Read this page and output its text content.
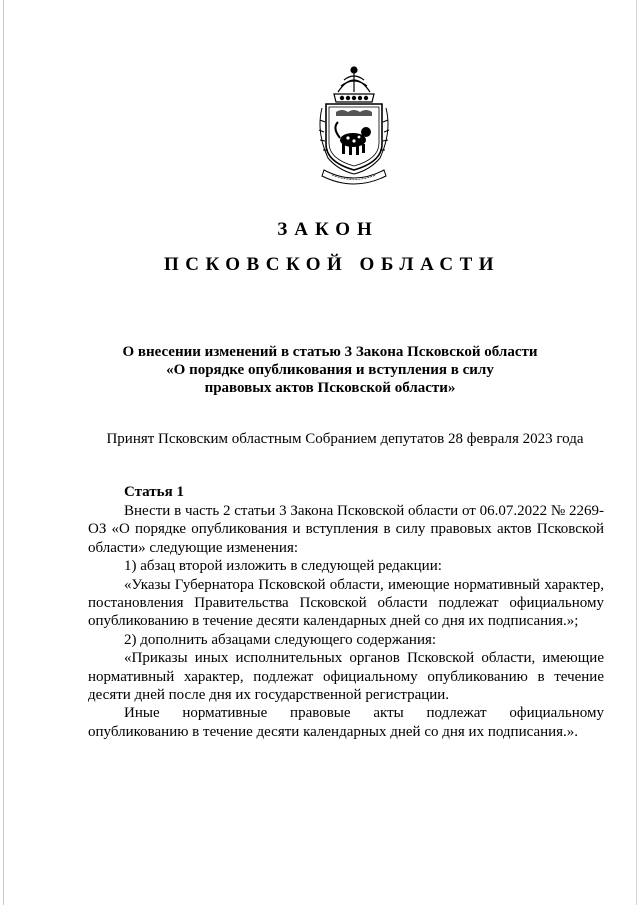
ЗАКОН
ПСКОВСКОЙ ОБЛАСТИ
О внесении изменений в статью 3 Закона Псковской области
«О порядке опубликования и вступления в силу
правовых актов Псковской области»
Принят Псковским областным Собранием депутатов 28 февраля 2023 года
Статья 1

Внести в часть 2 статьи 3 Закона Псковской области от 06.07.2022 № 2269-ОЗ «О порядке опубликования и вступления в силу правовых актов Псковской области» следующие изменения:

1) абзац второй изложить в следующей редакции:

«Указы Губернатора Псковской области, имеющие нормативный характер, постановления Правительства Псковской области подлежат официальному опубликованию в течение десяти календарных дней со дня их подписания.»;

2) дополнить абзацами следующего содержания:

«Приказы иных исполнительных органов Псковской области, имеющие нормативный характер, подлежат официальному опубликованию в течение десяти дней после дня их государственной регистрации.

Иные нормативные правовые акты подлежат официальному опубликованию в течение десяти календарных дней со дня их подписания.».
